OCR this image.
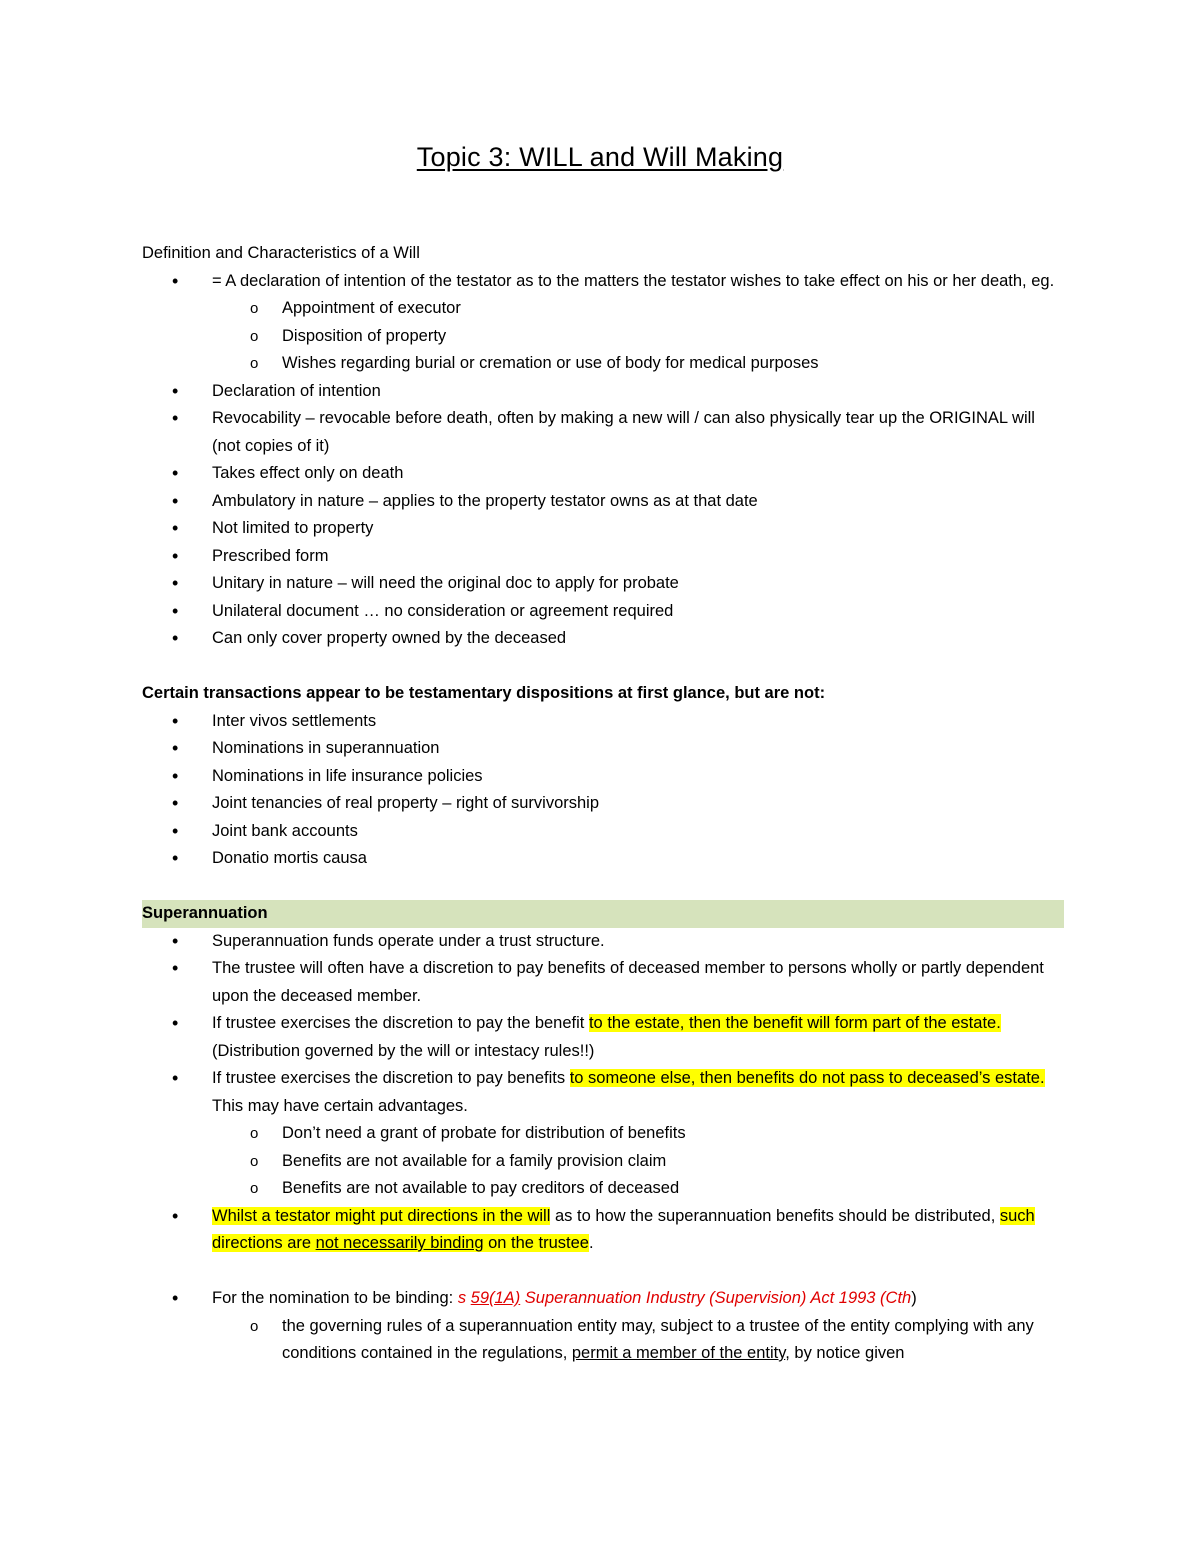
Topic 3: WILL and Will Making
Definition and Characteristics of a Will
• = A declaration of intention of the testator as to the matters the testator wishes to take effect on his or her death, eg.
o Appointment of executor
o Disposition of property
o Wishes regarding burial or cremation or use of body for medical purposes
• Declaration of intention
• Revocability – revocable before death, often by making a new will / can also physically tear up the ORIGINAL will (not copies of it)
• Takes effect only on death
• Ambulatory in nature – applies to the property testator owns as at that date
• Not limited to property
• Prescribed form
• Unitary in nature – will need the original doc to apply for probate
• Unilateral document … no consideration or agreement required
• Can only cover property owned by the deceased
Certain transactions appear to be testamentary dispositions at first glance, but are not:
• Inter vivos settlements
• Nominations in superannuation
• Nominations in life insurance policies
• Joint tenancies of real property – right of survivorship
• Joint bank accounts
• Donatio mortis causa
Superannuation
• Superannuation funds operate under a trust structure.
• The trustee will often have a discretion to pay benefits of deceased member to persons wholly or partly dependent upon the deceased member.
• If trustee exercises the discretion to pay the benefit to the estate, then the benefit will form part of the estate. (Distribution governed by the will or intestacy rules!!)
• If trustee exercises the discretion to pay benefits to someone else, then benefits do not pass to deceased’s estate. This may have certain advantages.
o Don’t need a grant of probate for distribution of benefits
o Benefits are not available for a family provision claim
o Benefits are not available to pay creditors of deceased
• Whilst a testator might put directions in the will as to how the superannuation benefits should be distributed, such directions are not necessarily binding on the trustee.
• For the nomination to be binding: s 59(1A) Superannuation Industry (Supervision) Act 1993 (Cth)
o the governing rules of a superannuation entity may, subject to a trustee of the entity complying with any conditions contained in the regulations, permit a member of the entity, by notice given
